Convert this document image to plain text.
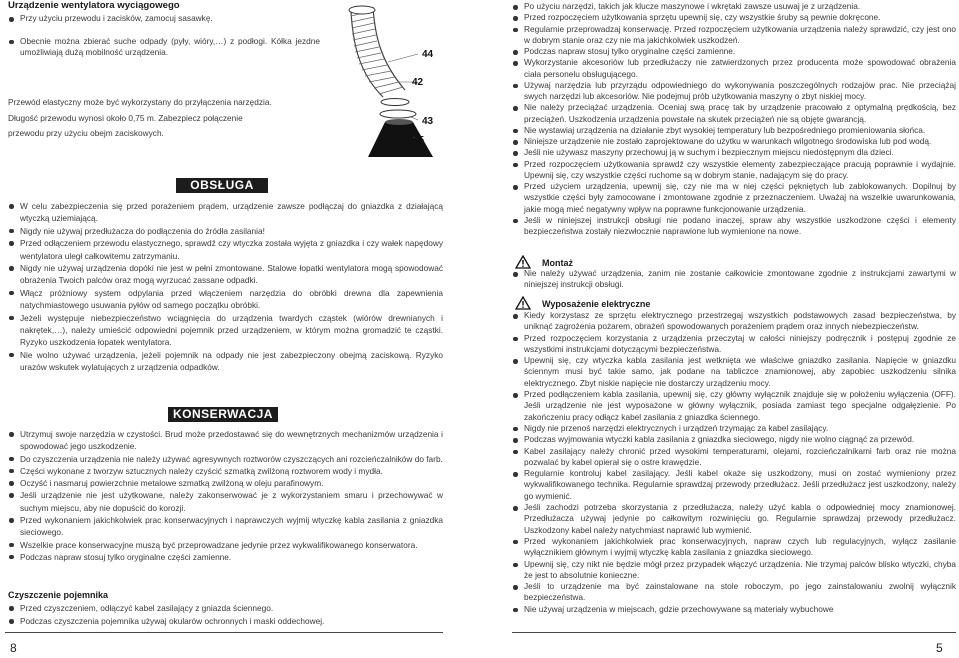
Urządzenie wentylatora wyciągowego
Przy użyciu przewodu i zacisków, zamocuj sasawkę.
Obecnie można zbierać suche odpady (pyły, wióry,…) z podłogi. Kółka jezdne umożliwiają dużą mobilność urządzenia.
Przewód elastyczny może być wykorzystany do przyłączenia narzędzia.
Długość przewodu wynosi około 0,75 m. Zabezpiecz połączenie
przewodu przy użyciu obejm zaciskowych.
44
42
43
45
OBSŁUGA
W celu zabezpieczenia się przed porażeniem prądem, urządzenie zawsze podłączaj do gniazdka z działającą wtyczką uziemiającą.
Nigdy nie używaj przedłużacza do podłączenia do źródła zasilania!
Przed odłączeniem przewodu elastycznego, sprawdź czy wtyczka została wyjęta z gniazdka i czy wałek napędowy wentylatora uległ całkowitemu zatrzymaniu.
Nigdy nie używaj urządzenia dopóki nie jest w pełni zmontowane. Stalowe łopatki wentylatora mogą spowodować obrażenia Twoich palców oraz mogą wyrzucać zassane odpadki.
Włącz próżniowy system odpylania przed włączeniem narzędzia do obróbki drewna dla zapewnienia natychmiastowego usuwania pyłów od samego początku obróbki.
Jeżeli występuje niebezpieczeństwo wciągnięcia do urządzenia twardych cząstek (wiórów drewnianych i nakrętek,…), należy umieścić odpowiedni pojemnik przed urządzeniem, w którym można gromadzić te cząstki. Ryzyko uszkodzenia łopatek wentylatora.
Nie wolno używać urządzenia, jeżeli pojemnik na odpady nie jest zabezpieczony obejmą zaciskową. Ryzyko urazów wskutek wylatujących z urządzenia odpadków.
KONSERWACJA
Utrzymuj swoje narzędzia w czystości. Brud może przedostawać się do wewnętrznych mechanizmów urządzenia i spowodować jego uszkodzenie.
Do czyszczenia urządzenia nie należy używać agresywnych roztworów czyszczących ani rozcieńczalników do farb.
Części wykonane z tworzyw sztucznych należy czyścić szmatką zwilżoną roztworem wody i mydła.
Oczyść i nasmaruj powierzchnie metalowe szmatką zwilżoną w oleju parafinowym.
Jeśli urządzenie nie jest użytkowane, należy zakonserwować je z wykorzystaniem smaru i przechowywać w suchym miejscu, aby nie dopuścić do korozji.
Przed wykonaniem jakichkolwiek prac konserwacyjnych i naprawczych wyjmij wtyczkę kabla zasilania z gniazdka sieciowego.
Wszelkie prace konserwacyjne muszą być przeprowadzane jedynie przez wykwalifikowanego konserwatora.
Podczas napraw stosuj tylko oryginalne części zamienne.
Czyszczenie pojemnika
Przed czyszczeniem, odłączyć kabel zasilający z gniazda ściennego.
Podczas czyszczenia pojemnika używaj okularów ochronnych i maski oddechowej.
8
Po użyciu narzędzi, takich jak klucze maszynowe i wkrętaki zawsze usuwaj je z urządzenia.
Przed rozpoczęciem użytkowania sprzętu upewnij się, czy wszystkie śruby są pewnie dokręcone.
Regularnie przeprowadzaj konserwację. Przed rozpoczęciem użytkowania urządzenia należy sprawdzić, czy jest ono w dobrym stanie oraz czy nie ma jakichkolwiek uszkodzeń.
Podczas napraw stosuj tylko oryginalne części zamienne.
Wykorzystanie akcesoriów lub przedłużaczy nie zatwierdzonych przez producenta może spowodować obrażenia ciała personelu obsługującego.
Używaj narzędzia lub przyrządu odpowiedniego do wykonywania poszczególnych rodzajów prac. Nie przeciążaj swych narzędzi lub akcesoriów. Nie podejmuj prób użytkowania maszyny o zbyt niskiej mocy.
Nie należy przeciążać urządzenia. Oceniaj swą pracę tak by urządzenie pracowało z optymalną prędkością, bez przeciążeń. Uszkodzenia urządzenia powstałe na skutek przeciążeń nie są objęte gwarancją.
Nie wystawiaj urządzenia na działanie zbyt wysokiej temperatury lub bezpośredniego promieniowania słońca.
Niniejsze urządzenie nie zostało zaprojektowane do użytku w warunkach wilgotnego środowiska lub pod wodą.
Jeśli nie używasz maszyny przechowuj ją w suchym i bezpiecznym miejscu niedostępnym dla dzieci.
Przed rozpoczęciem użytkowania sprawdź czy wszystkie elementy zabezpieczające pracują poprawnie i wydajnie. Upewnij się, czy wszystkie części ruchome są w dobrym stanie, nadającym się do pracy.
Przed użyciem urządzenia, upewnij się, czy nie ma w niej części pękniętych lub zablokowanych. Dopilnuj by wszystkie części były zamocowane i zmontowane zgodnie z przeznaczeniem. Uważaj na wszelkie uwarunkowania, jakie mogą mieć negatywny wpływ na poprawne funkcjonowanie urządzenia.
Jeśli w niniejszej instrukcji obsługi nie podano inaczej, spraw aby wszystkie uszkodzone części i elementy bezpieczeństwa zostały niezwłocznie naprawione lub wymienione na nowe.
Montaż
Nie należy używać urządzenia, zanim nie zostanie całkowicie zmontowane zgodnie z instrukcjami zawartymi w niniejszej instrukcji obsługi.
Wyposażenie elektryczne
Kiedy korzystasz ze sprzętu elektrycznego przestrzegaj wszystkich podstawowych zasad bezpieczeństwa, by uniknąć zagrożenia pożarem, obrażeń spowodowanych porażeniem prądem oraz innych niebezpieczeństw.
Przed rozpoczęciem korzystania z urządzenia przeczytaj w całości niniejszy podręcznik i postępuj zgodnie ze wszystkimi instrukcjami dotyczącymi bezpieczeństwa.
Upewnij się, czy wtyczka kabla zasilania jest wetknięta we właściwe gniazdko zasilania. Napięcie w gniazdku ściennym musi być takie samo, jak podane na tabliczce znamionowej, aby zapobiec uszkodzeniu silnika elektrycznego. Zbyt niskie napięcie nie dostarczy urządzeniu mocy.
Przed podłączeniem kabla zasilania, upewnij się, czy główny wyłącznik znajduje się w położeniu wyłączenia (OFF). Jeśli urządzenie nie jest wyposażone w główny wyłącznik, posiada zamiast tego specjalne odgałęzienie. Po zakończeniu pracy odłącz kabel zasilania z gniazdka ściennego.
Nigdy nie przenoś narzędzi elektrycznych i urządzeń trzymając za kabel zasilający.
Podczas wyjmowania wtyczki kabla zasilania z gniazdka sieciowego, nigdy nie wolno ciągnąć za przewód.
Kabel zasilający należy chronić przed wysokimi temperaturami, olejami, rozcieńczalnikami farb oraz nie można pozwalać by kabel opierał się o ostre krawędzie.
Regularnie kontroluj kabel zasilający. Jeśli kabel okaże się uszkodzony, musi on zostać wymieniony przez wykwalifikowanego technika. Regularnie sprawdzaj przewody przedłużacz. Jeśli przedłużacz jest uszkodzony, należy go wymienić.
Jeśli zachodzi potrzeba skorzystania z przedłużacza, należy użyć kabla o odpowiedniej mocy znamionowej. Przedłużacza używaj jedynie po całkowitym rozwinięciu go. Regularnie sprawdzaj przewody przedłużacz. Uszkodzony kabel należy natychmiast naprawić lub wymienić.
Przed wykonaniem jakichkolwiek prac konserwacyjnych, napraw czych lub regulacyjnych, wyłącz zasilanie wyłącznikiem głównym i wyjmij wtyczkę kabla zasilania z gniazdka sieciowego.
Upewnij się, czy nikt nie będzie mógł przez przypadek włączyć urządzenia. Nie trzymaj palców blisko wtyczki, chyba że jest to absolutnie konieczne.
Jeśli to urządzenie ma być zainstalowane na stole roboczym, po jego zainstalowaniu zwolnij wyłącznik bezpieczeństwa.
Nie używaj urządzenia w miejscach, gdzie przechowywane są materiały wybuchowe
5
